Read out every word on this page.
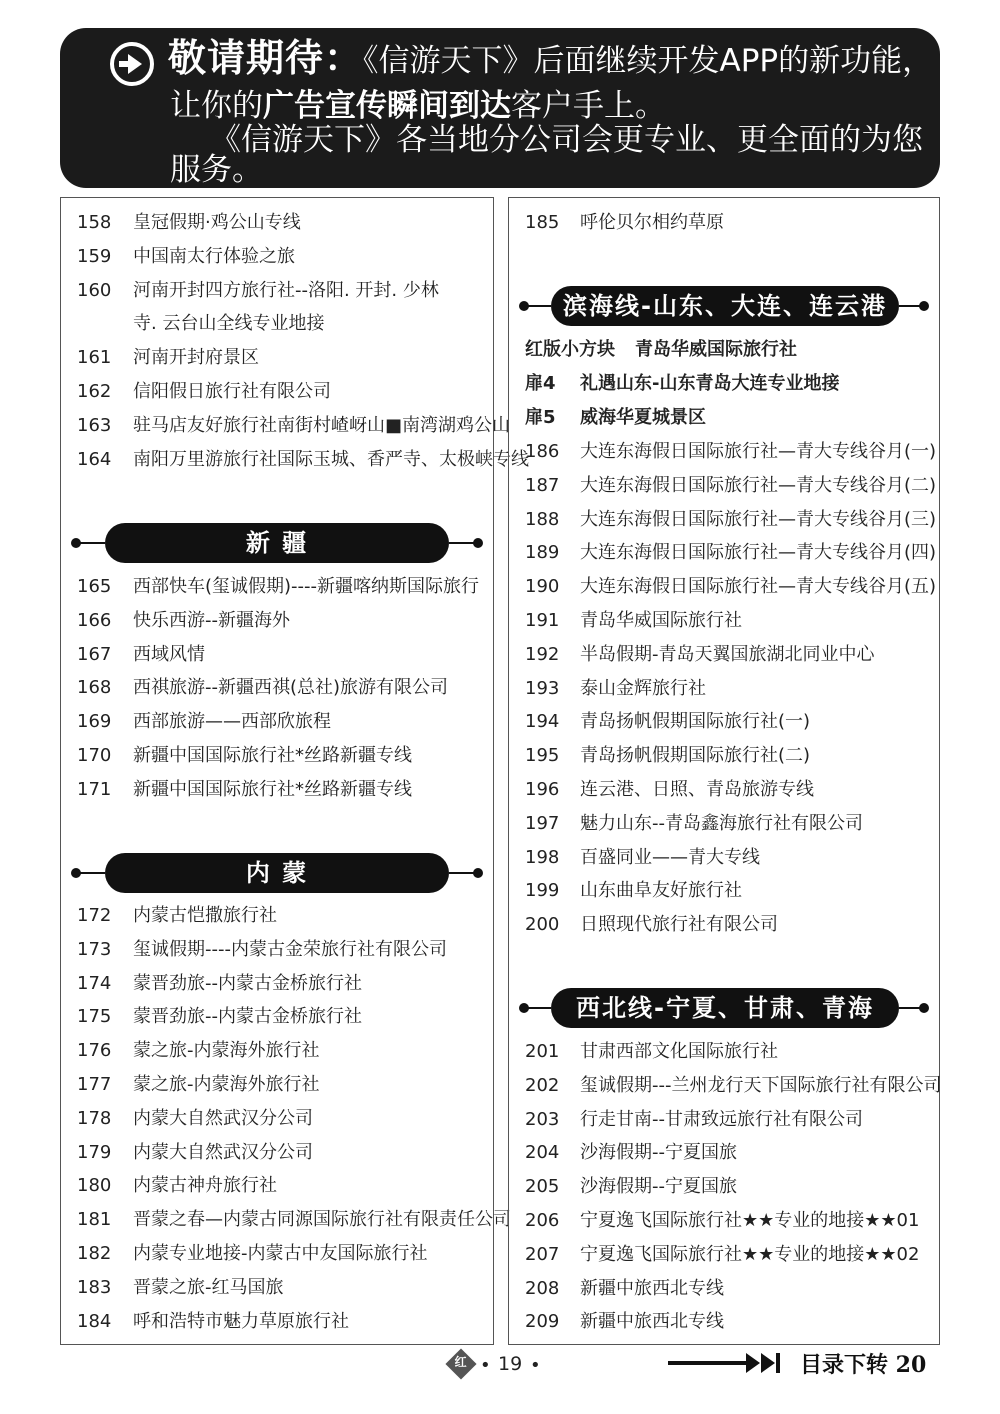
敬请期待：《信游天下》后面继续开发APP的新功能，
让你的广告宣传瞬间到达客户手上。
《信游天下》各当地分公司会更专业、更全面的为您
服务。
158 皇冠假期·鸡公山专线
159 中国南太行体验之旅
160 河南开封四方旅行社--洛阳. 开封. 少林
寺. 云台山全线专业地接
161 河南开封府景区
162 信阳假日旅行社有限公司
163 驻马店友好旅行社南街村嵖岈山■南湾湖鸡公山
164 南阳万里游旅行社国际玉城、香严寺、太极峡专线
新 疆
165 西部快车(玺诚假期)----新疆喀纳斯国际旅行
166 快乐西游--新疆海外
167 西域风情
168 西祺旅游--新疆西祺(总社)旅游有限公司
169 西部旅游——西部欣旅程
170 新疆中国国际旅行社*丝路新疆专线
171 新疆中国国际旅行社*丝路新疆专线
内 蒙
172 内蒙古恺撒旅行社
173 玺诚假期----内蒙古金荣旅行社有限公司
174 蒙晋劲旅--内蒙古金桥旅行社
175 蒙晋劲旅--内蒙古金桥旅行社
176 蒙之旅-内蒙海外旅行社
177 蒙之旅-内蒙海外旅行社
178 内蒙大自然武汉分公司
179 内蒙大自然武汉分公司
180 内蒙古神舟旅行社
181 晋蒙之春—内蒙古同源国际旅行社有限责任公司
182 内蒙专业地接-内蒙古中友国际旅行社
183 晋蒙之旅-红马国旅
184 呼和浩特市魅力草原旅行社
185 呼伦贝尔相约草原
滨海线-山东、大连、连云港
红版小方块 青岛华威国际旅行社
扉4 礼遇山东-山东青岛大连专业地接
扉5 威海华夏城景区
186 大连东海假日国际旅行社—青大专线谷月(一)
187 大连东海假日国际旅行社—青大专线谷月(二)
188 大连东海假日国际旅行社—青大专线谷月(三)
189 大连东海假日国际旅行社—青大专线谷月(四)
190 大连东海假日国际旅行社—青大专线谷月(五)
191 青岛华威国际旅行社
192 半岛假期-青岛天翼国旅湖北同业中心
193 泰山金辉旅行社
194 青岛扬帆假期国际旅行社(一)
195 青岛扬帆假期国际旅行社(二)
196 连云港、日照、青岛旅游专线
197 魅力山东--青岛鑫海旅行社有限公司
198 百盛同业——青大专线
199 山东曲阜友好旅行社
200 日照现代旅行社有限公司
西北线-宁夏、甘肃、青海
201 甘肃西部文化国际旅行社
202 玺诚假期---兰州龙行天下国际旅行社有限公司
203 行走甘南--甘肃致远旅行社有限公司
204 沙海假期--宁夏国旅
205 沙海假期--宁夏国旅
206 宁夏逸飞国际旅行社★★专业的地接★★01
207 宁夏逸飞国际旅行社★★专业的地接★★02
208 新疆中旅西北专线
209 新疆中旅西北专线
红 • 19 •	目录下转 20
